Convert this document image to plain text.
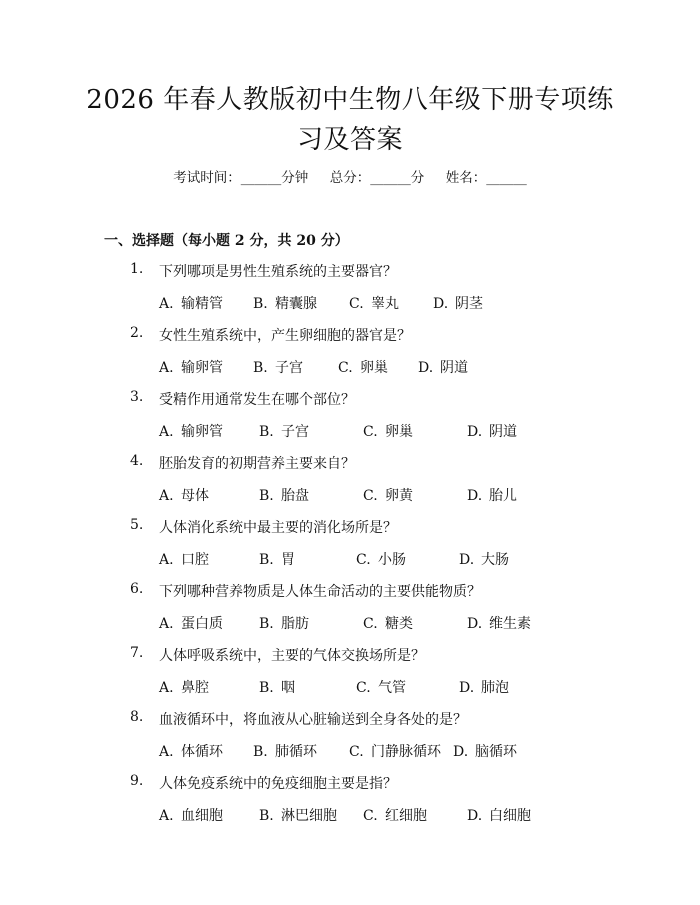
2026 年春人教版初中生物八年级下册专项练
习及答案
考试时间：______分钟     总分：______分     姓名：______
一、选择题（每小题 2 分，共 20 分）
1. 下列哪项是男性生殖系统的主要器官？
A. 输精管 B. 精囊腺 C. 睾丸 D. 阴茎
2. 女性生殖系统中，产生卵细胞的器官是？
A. 输卵管 B. 子宫	C. 卵巢 D. 阴道
3. 受精作用通常发生在哪个部位？
A. 输卵管	B. 子宫	C. 卵巢	D. 阴道
4. 胚胎发育的初期营养主要来自？
A. 母体	B. 胎盘	C. 卵黄	D. 胎儿
5. 人体消化系统中最主要的消化场所是？
A. 口腔	B. 胃	C. 小肠	D. 大肠
6. 下列哪种营养物质是人体生命活动的主要供能物质？
A. 蛋白质	B. 脂肪	C. 糖类	D. 维生素
7. 人体呼吸系统中，主要的气体交换场所是？
A. 鼻腔	B. 咽	C. 气管	D. 肺泡
8. 血液循环中，将血液从心脏输送到全身各处的是？
A. 体循环 B. 肺循环 C. 门静脉循环 D. 脑循环
9. 人体免疫系统中的免疫细胞主要是指？
A. 血细胞	B. 淋巴细胞 C. 红细胞	D. 白细胞
